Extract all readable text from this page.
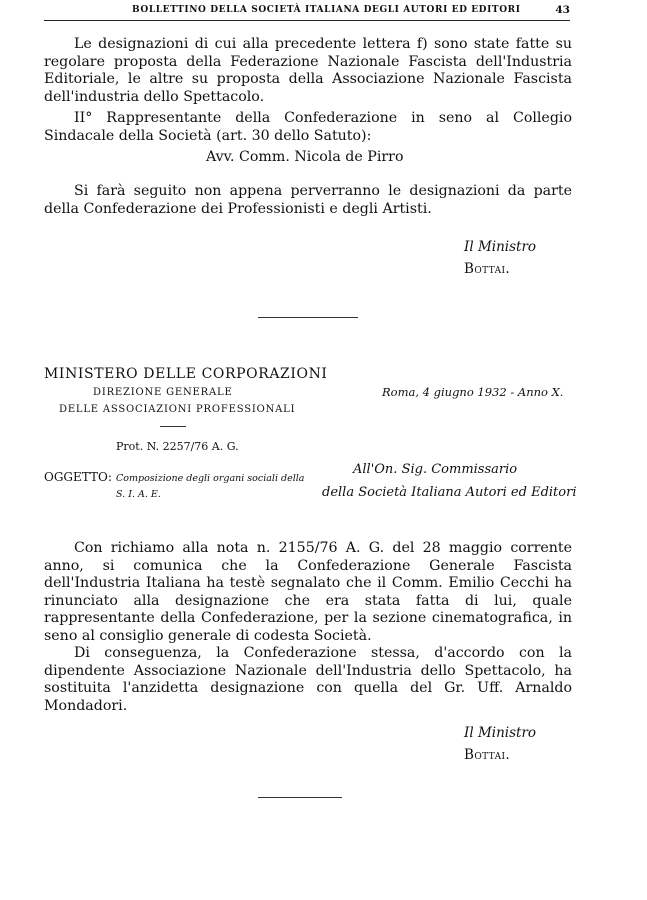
BOLLETTINO DELLA SOCIETÀ ITALIANA DEGLI AUTORI ED EDITORI	43

Le designazioni di cui alla precedente lettera f) sono state fatte su regolare proposta della Federazione Nazionale Fascista dell'Industria Editoriale, le altre su proposta della Associazione Nazionale Fascista dell'industria dello Spettacolo.

II° Rappresentante della Confederazione in seno al Collegio Sindacale della Società (art. 30 dello Satuto):

Avv. Comm. Nicola de Pirro

Si farà seguito non appena perverranno le designazioni da parte della Confederazione dei Professionisti e degli Artisti.

Il Ministro
Bottai.
MINISTERO DELLE CORPORAZIONI
DIREZIONE GENERALE
DELLE ASSOCIAZIONI PROFESSIONALI
Roma, 4 giugno 1932 - Anno X.
Prot. N. 2257/76 A. G.
OGGETTO: Composizione degli organi sociali della S. I. A. E.
All'On. Sig. Commissario
della Società Italiana Autori ed Editori

Con richiamo alla nota n. 2155/76 A. G. del 28 maggio corrente anno, si comunica che la Confederazione Generale Fascista dell'Industria Italiana ha testè segnalato che il Comm. Emilio Cecchi ha rinunciato alla designazione che era stata fatta di lui, quale rappresentante della Confederazione, per la sezione cinematografica, in seno al consiglio generale di codesta Società.

Di conseguenza, la Confederazione stessa, d'accordo con la dipendente Associazione Nazionale dell'Industria dello Spettacolo, ha sostituita l'anzidetta designazione con quella del Gr. Uff. Arnaldo Mondadori.

Il Ministro
Bottai.
